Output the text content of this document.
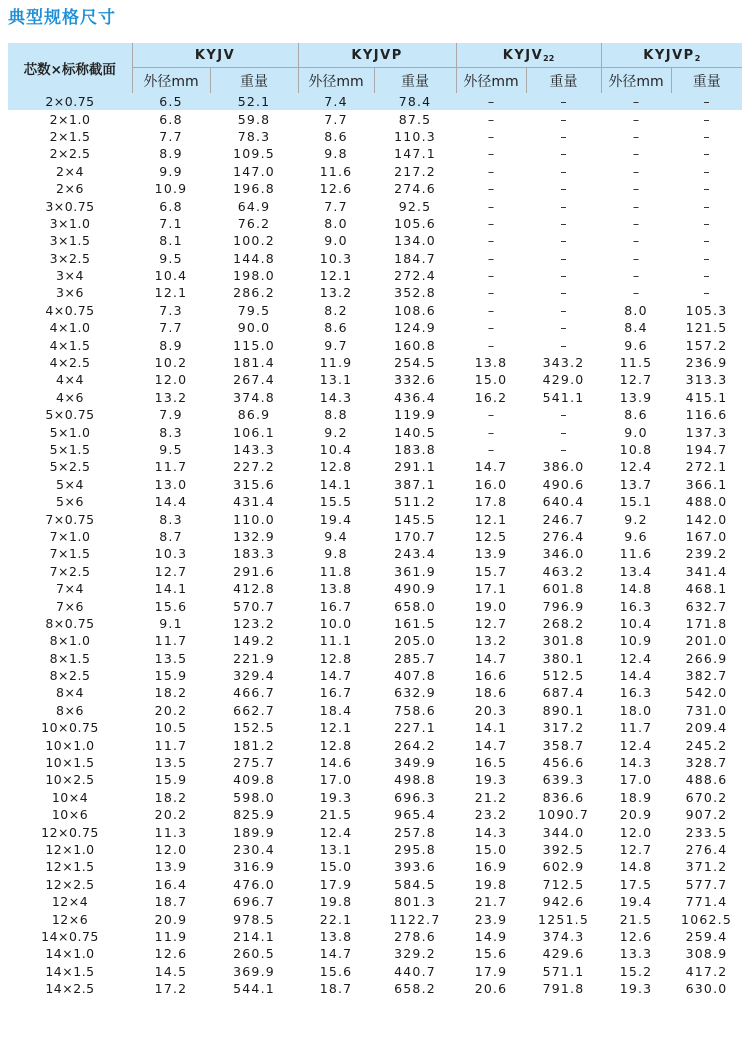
典型规格尺寸
芯数×标称截面	KYJV		KYJVP		$KYJV_{22}$		$KYJVP_2$
	外径mm	重量	外径mm	重量	外径mm	重量	外径mm	重量
2×0.75	6.5	52.1	7.4	78.4	–	–	–	–
2×1.0	6.8	59.8	7.7	87.5	–	–	–	–
2×1.5	7.7	78.3	8.6	110.3	–	–	–	–
2×2.5	8.9	109.5	9.8	147.1	–	–	–	–
2×4	9.9	147.0	11.6	217.2	–	–	–	–
2×6	10.9	196.8	12.6	274.6	–	–	–	–
3×0.75	6.8	64.9	7.7	92.5	–	–	–	–
3×1.0	7.1	76.2	8.0	105.6	–	–	–	–
3×1.5	8.1	100.2	9.0	134.0	–	–	–	–
3×2.5	9.5	144.8	10.3	184.7	–	–	–	–
3×4	10.4	198.0	12.1	272.4	–	–	–	–
3×6	12.1	286.2	13.2	352.8	–	–	–	–
4×0.75	7.3	79.5	8.2	108.6	–	–	8.0	105.3
4×1.0	7.7	90.0	8.6	124.9	–	–	8.4	121.5
4×1.5	8.9	115.0	9.7	160.8	–	–	9.6	157.2
4×2.5	10.2	181.4	11.9	254.5	13.8	343.2	11.5	236.9
4×4	12.0	267.4	13.1	332.6	15.0	429.0	12.7	313.3
4×6	13.2	374.8	14.3	436.4	16.2	541.1	13.9	415.1
5×0.75	7.9	86.9	8.8	119.9	–	–	8.6	116.6
5×1.0	8.3	106.1	9.2	140.5	–	–	9.0	137.3
5×1.5	9.5	143.3	10.4	183.8	–	–	10.8	194.7
5×2.5	11.7	227.2	12.8	291.1	14.7	386.0	12.4	272.1
5×4	13.0	315.6	14.1	387.1	16.0	490.6	13.7	366.1
5×6	14.4	431.4	15.5	511.2	17.8	640.4	15.1	488.0
7×0.75	8.3	110.0	19.4	145.5	12.1	246.7	9.2	142.0
7×1.0	8.7	132.9	9.4	170.7	12.5	276.4	9.6	167.0
7×1.5	10.3	183.3	9.8	243.4	13.9	346.0	11.6	239.2
7×2.5	12.7	291.6	11.8	361.9	15.7	463.2	13.4	341.4
7×4	14.1	412.8	13.8	490.9	17.1	601.8	14.8	468.1
7×6	15.6	570.7	16.7	658.0	19.0	796.9	16.3	632.7
8×0.75	9.1	123.2	10.0	161.5	12.7	268.2	10.4	171.8
8×1.0	11.7	149.2	11.1	205.0	13.2	301.8	10.9	201.0
8×1.5	13.5	221.9	12.8	285.7	14.7	380.1	12.4	266.9
8×2.5	15.9	329.4	14.7	407.8	16.6	512.5	14.4	382.7
8×4	18.2	466.7	16.7	632.9	18.6	687.4	16.3	542.0
8×6	20.2	662.7	18.4	758.6	20.3	890.1	18.0	731.0
10×0.75	10.5	152.5	12.1	227.1	14.1	317.2	11.7	209.4
10×1.0	11.7	181.2	12.8	264.2	14.7	358.7	12.4	245.2
10×1.5	13.5	275.7	14.6	349.9	16.5	456.6	14.3	328.7
10×2.5	15.9	409.8	17.0	498.8	19.3	639.3	17.0	488.6
10×4	18.2	598.0	19.3	696.3	21.2	836.6	18.9	670.2
10×6	20.2	825.9	21.5	965.4	23.2	1090.7	20.9	907.2
12×0.75	11.3	189.9	12.4	257.8	14.3	344.0	12.0	233.5
12×1.0	12.0	230.4	13.1	295.8	15.0	392.5	12.7	276.4
12×1.5	13.9	316.9	15.0	393.6	16.9	602.9	14.8	371.2
12×2.5	16.4	476.0	17.9	584.5	19.8	712.5	17.5	577.7
12×4	18.7	696.7	19.8	801.3	21.7	942.6	19.4	771.4
12×6	20.9	978.5	22.1	1122.7	23.9	1251.5	21.5	1062.5
14×0.75	11.9	214.1	13.8	278.6	14.9	374.3	12.6	259.4
14×1.0	12.6	260.5	14.7	329.2	15.6	429.6	13.3	308.9
14×1.5	14.5	369.9	15.6	440.7	17.9	571.1	15.2	417.2
14×2.5	17.2	544.1	18.7	658.2	20.6	791.8	19.3	630.0
